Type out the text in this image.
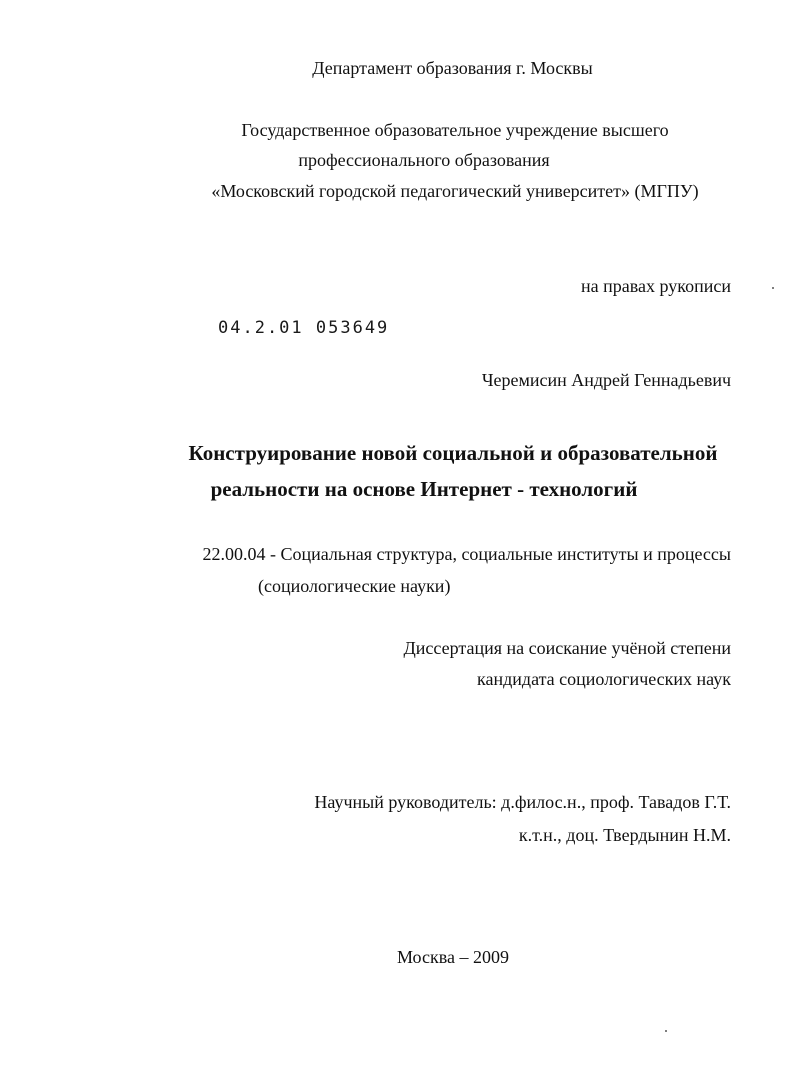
Департамент образования г. Москвы
Государственное образовательное учреждение высшего
профессионального образования
«Московский городской педагогический университет» (МГПУ)
на правах рукописи
04.2.01 053649
Черемисин Андрей Геннадьевич
Конструирование новой социальной и образовательной
реальности на основе Интернет - технологий
22.00.04 - Социальная структура, социальные институты и процессы
(социологические науки)
Диссертация на соискание учёной степени
кандидата социологических наук
Научный руководитель: д.филос.н., проф. Тавадов Г.Т.
к.т.н., доц. Твердынин Н.М.
Москва – 2009
